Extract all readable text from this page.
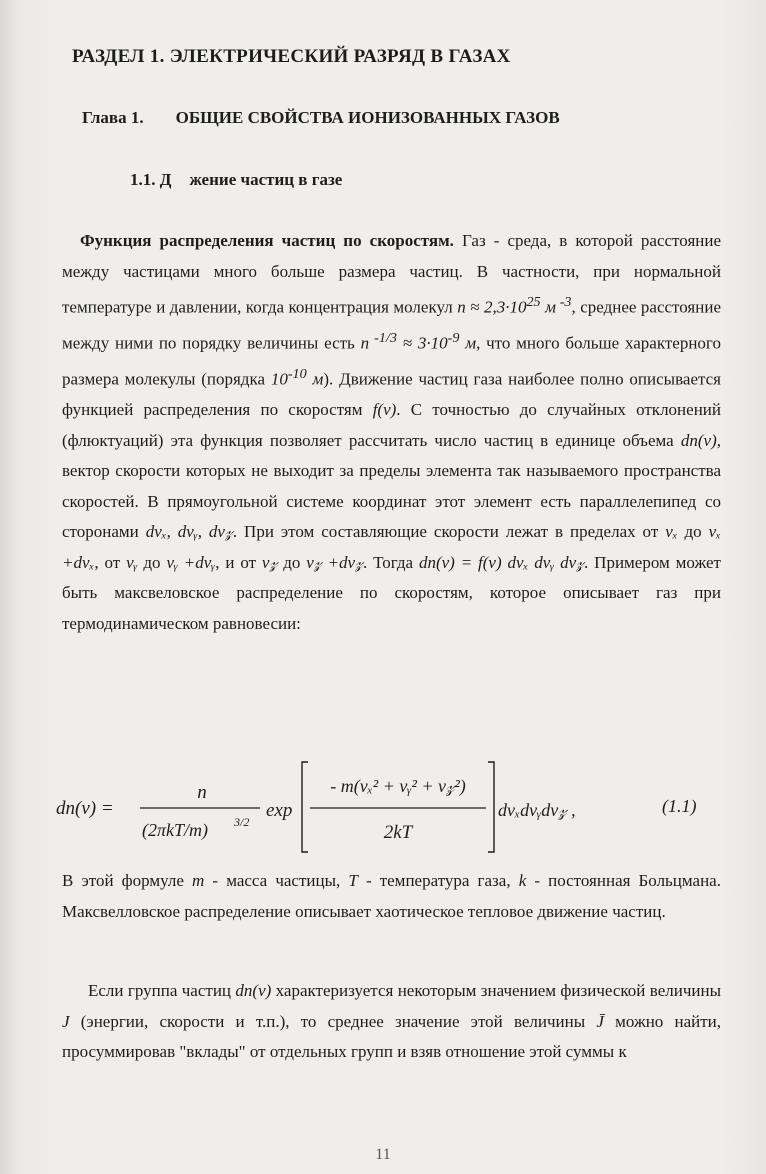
РАЗДЕЛ 1. ЭЛЕКТРИЧЕСКИЙ РАЗРЯД В ГАЗАХ
Глава 1. ОБЩИЕ СВОЙСТВА ИОНИЗОВАННЫХ ГАЗОВ
1.1. Д жение частиц в газе
Функция распределения частиц по скоростям. Газ - среда, в которой расстояние между частицами много больше размера частиц. В частности, при нормальной температуре и давлении, когда концентрация молекул $n \approx 2,3\cdot 10^{25}$ м $^{-3}$, среднее расстояние между ними по порядку величины есть n $^{-1/3} \approx 3\cdot 10^{-9}$ м, что много больше характерного размера молекулы (порядка $10^{-10}$ м). Движение частиц газа наиболее полно описывается функцией распределения по скоростям f(v). С точностью до случайных отклонений (флюктуаций) эта функция позволяет рассчитать число частиц в единице объема dn(v), вектор скорости которых не выходит за пределы элемента так называемого пространства скоростей. В прямоугольной системе координат этот элемент есть параллелепипед со сторонами dvₓ, dvᵧ, dv𝓏. При этом составляющие скорости лежат в пределах от vₓ до vₓ +dvₓ, от vᵧ до vᵧ +dvᵧ, и от v𝓏 до v𝓏 +dv𝓏. Тогда dn(v) = f(v) dvₓ dvᵧ dv𝓏. Примером может быть максвеловское распределение по скоростям, которое описывает газ при термодинамическом равновесии:
dn(v) =
n
(2πkT/m) 3/2
exp
- m(vₓ² + vᵧ² + v𝓏²)
2kT
dvₓdvᵧdv𝓏 ,	(1.1)
В этой формуле m - масса частицы, T - температура газа, k - постоянная Больцмана. Максвелловское распределение описывает хаотическое тепловое движение частиц.
Если группа частиц dn(v) характеризуется некоторым значением физической величины J (энергии, скорости и т.п.), то среднее значение этой величины J̄ можно найти, просуммировав "вклады" от отдельных групп и взяв отношение этой суммы к
11
